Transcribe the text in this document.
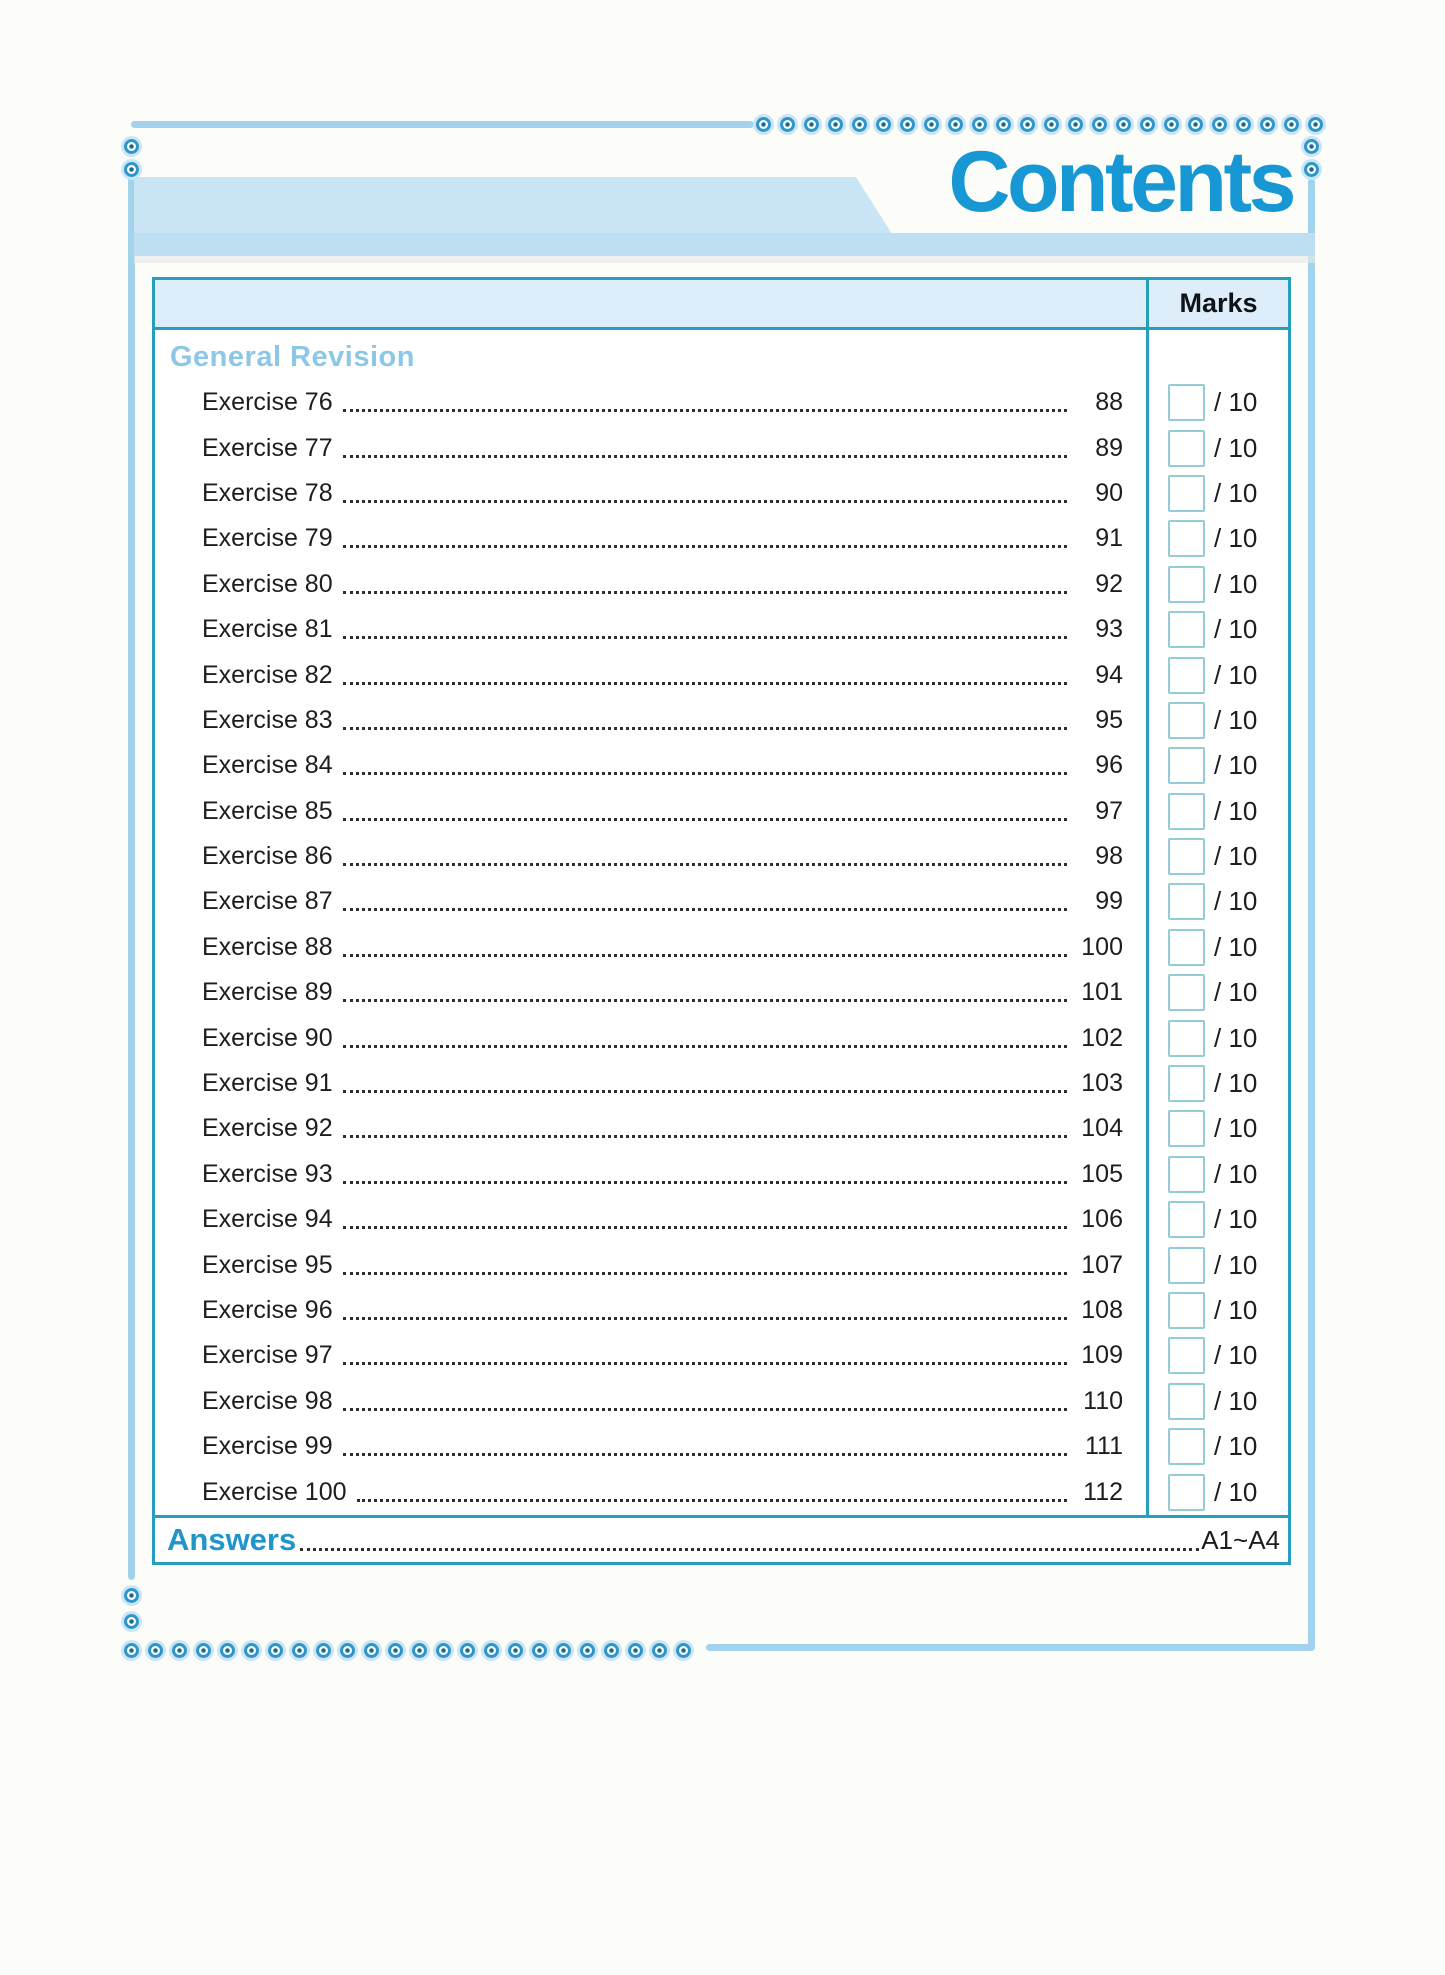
Contents
Marks
General Revision
Exercise 76	88	/ 10
Exercise 77	89	/ 10
Exercise 78	90	/ 10
Exercise 79	91	/ 10
Exercise 80	92	/ 10
Exercise 81	93	/ 10
Exercise 82	94	/ 10
Exercise 83	95	/ 10
Exercise 84	96	/ 10
Exercise 85	97	/ 10
Exercise 86	98	/ 10
Exercise 87	99	/ 10
Exercise 88	100	/ 10
Exercise 89	101	/ 10
Exercise 90	102	/ 10
Exercise 91	103	/ 10
Exercise 92	104	/ 10
Exercise 93	105	/ 10
Exercise 94	106	/ 10
Exercise 95	107	/ 10
Exercise 96	108	/ 10
Exercise 97	109	/ 10
Exercise 98	110	/ 10
Exercise 99	111	/ 10
Exercise 100	112	/ 10
Answers	A1~A4
